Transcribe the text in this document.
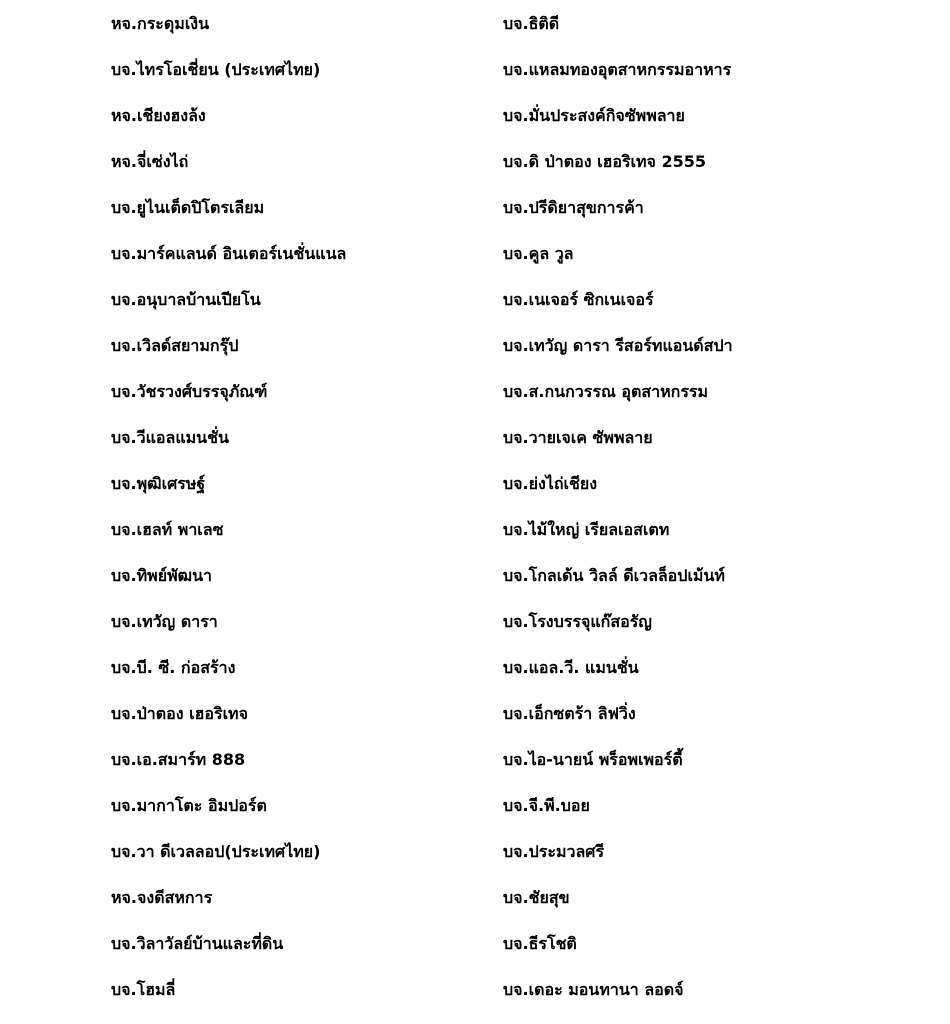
หจ.กระดุมเงิน
บจ.ไทรโอเชี่ยน (ประเทศไทย)
หจ.เชียงฮงล้ง
หจ.จี่เซ่งไถ่
บจ.ยูไนเต็ดปิโตรเลียม
บจ.มาร์คแลนด์ อินเตอร์เนชั่นแนล
บจ.อนุบาลบ้านเปียโน
บจ.เวิลด์สยามกรุ๊ป
บจ.วัชรวงศ์บรรจุภัณฑ์
บจ.วีแอลแมนชั่น
บจ.พุฒิเศรษฐ์
บจ.เฮลท์ พาเลซ
บจ.ทิพย์พัฒนา
บจ.เทวัญ ดารา
บจ.บี. ซี. ก่อสร้าง
บจ.ป่าตอง เฮอริเทจ
บจ.เอ.สมาร์ท 888
บจ.มากาโตะ อิมปอร์ต
บจ.วา ดีเวลลอป(ประเทศไทย)
หจ.จงดีสหการ
บจ.วิลาวัลย์บ้านและที่ดิน
บจ.โฮมลี่
บจ.ธิติดี
บจ.แหลมทองอุตสาหกรรมอาหาร
บจ.มั่นประสงค์กิจซัพพลาย
บจ.ดิ ป่าตอง เฮอริเทจ 2555
บจ.ปรีดิยาสุขการค้า
บจ.คูล วูล
บจ.เนเจอร์ ซิกเนเจอร์
บจ.เทวัญ ดารา รีสอร์ทแอนด์สปา
บจ.ส.กนกวรรณ อุตสาหกรรม
บจ.วายเจเค ซัพพลาย
บจ.ย่งไถ่เชียง
บจ.ไม้ใหญ่ เรียลเอสเตท
บจ.โกลเด้น วิลล์ ดีเวลล็อปเม้นท์
บจ.โรงบรรจุแก๊สอรัญ
บจ.แอล.วี. แมนชั่น
บจ.เอ็กซตร้า ลิฟวิ่ง
บจ.ไอ-นายน์ พร็อพเพอร์ตี้
บจ.จี.พี.บอย
บจ.ประมวลศรี
บจ.ชัยสุข
บจ.ธีรโชติ
บจ.เดอะ มอนทานา ลอดจ์
